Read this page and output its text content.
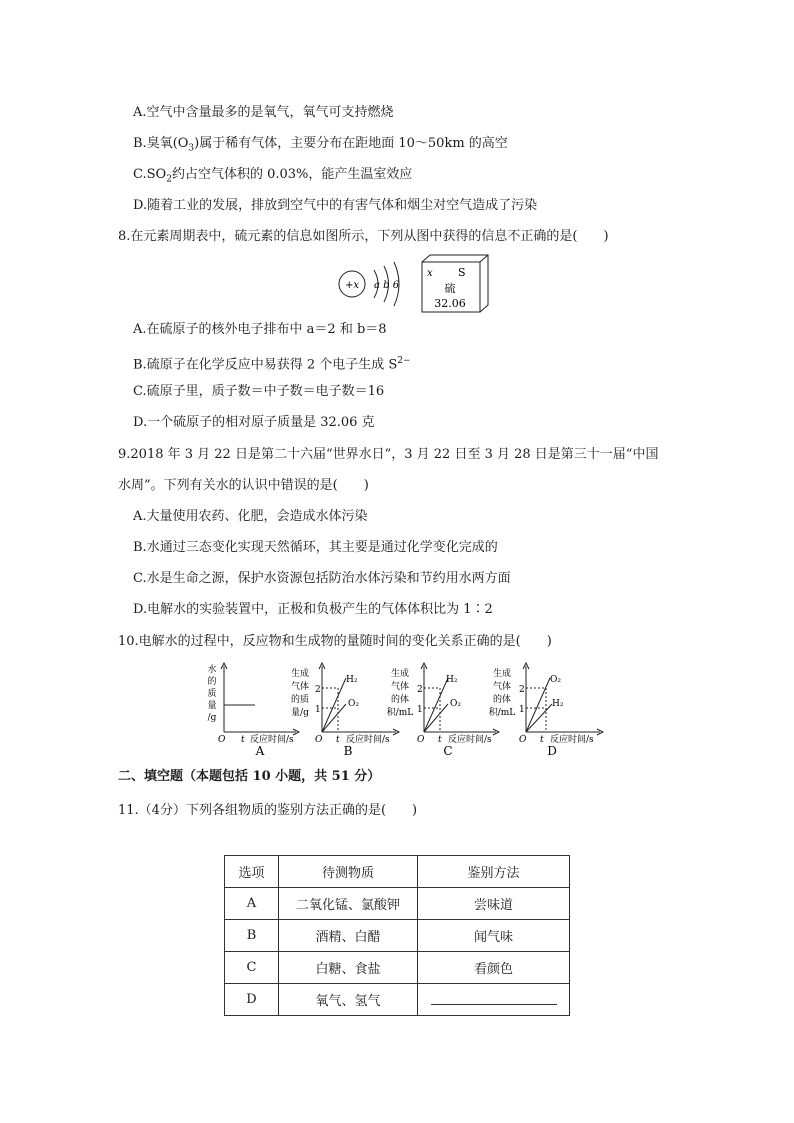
A.空气中含量最多的是氧气，氧气可支持燃烧
B.臭氧$(O_3)$属于稀有气体，主要分布在距地面 10～50km 的高空
$C.SO_2$约占空气体积的 0.03%，能产生温室效应
D.随着工业的发展，排放到空气中的有害气体和烟尘对空气造成了污染
8.在元素周期表中，硫元素的信息如图所示，下列从图中获得的信息不正确的是(　　)
+x a b 6
x S
硫
32.06
A.在硫原子的核外电子排布中 a＝2 和 b＝8
B.硫原子在化学反应中易获得 2 个电子生成 $S^{2-}$
C.硫原子里，质子数＝中子数＝电子数＝16
D.一个硫原子的相对原子质量是 32.06 克
9.2018 年 3 月 22 日是第二十六届“世界水日”，3 月 22 日至 3 月 28 日是第三十一届“中国
水周”。下列有关水的认识中错误的是(　　)
A.大量使用农药、化肥，会造成水体污染
B.水通过三态变化实现天然循环，其主要是通过化学变化完成的
C.水是生命之源，保护水资源包括防治水体污染和节约用水两方面
D.电解水的实验装置中，正极和负极产生的气体体积比为 1∶2
10.电解水的过程中，反应物和生成物的量随时间的变化关系正确的是(　　)
水
的
质
量
/g
O t 反应时间/s
A
生成
气体
的质
量/g
2
1
H₂
O₂
O t 反应时间/s
B
生成
气体
的体
积/mL
2
1
H₂
O₂
O t 反应时间/s
C
生成
气体
的体
积/mL
2
1
O₂
H₂
O t 反应时间/s
D
二、填空题（本题包括 10 小题，共 51 分）
11.（4分）下列各组物质的鉴别方法正确的是(　　)
选项	待测物质	鉴别方法
A	二氧化锰、氯酸钾	尝味道
B	酒精、白醋	闻气味
C	白糖、食盐	看颜色
D	氧气、氢气	
